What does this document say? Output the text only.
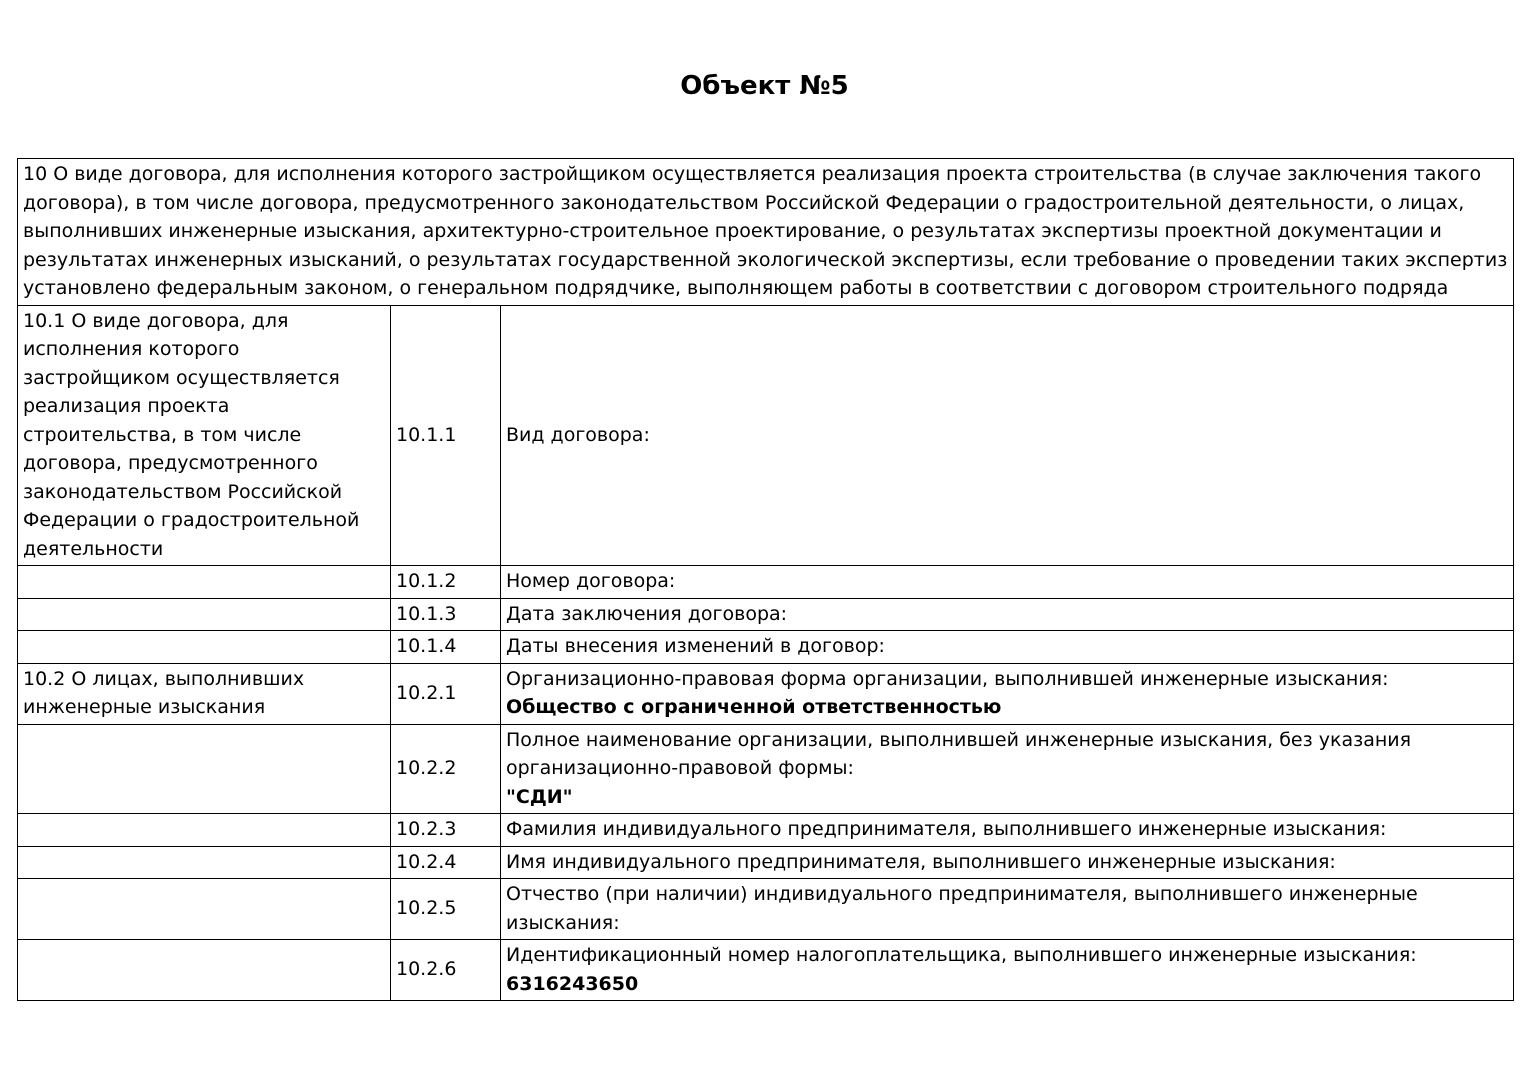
Объект №5
10 О виде договора, для исполнения которого застройщиком осуществляется реализация проекта строительства (в случае заключения такого договора), в том числе договора, предусмотренного законодательством Российской Федерации о градостроительной деятельности, о лицах, выполнивших инженерные изыскания, архитектурно-строительное проектирование, о результатах экспертизы проектной документации и результатах инженерных изысканий, о результатах государственной экологической экспертизы, если требование о проведении таких экспертиз установлено федеральным законом, о генеральном подрядчике, выполняющем работы в соответствии с договором строительного подряда		
10.1 О виде договора, для исполнения которого застройщиком осуществляется реализация проекта строительства, в том числе договора, предусмотренного законодательством Российской Федерации о градостроительной деятельности	10.1.1	Вид договора:

	10.1.2	Номер договора:

	10.1.3	Дата заключения договора:

	10.1.4	Даты внесения изменений в договор:

10.2 О лицах, выполнивших инженерные изыскания	10.2.1	Организационно-правовая форма организации, выполнившей инженерные изыскания:
Общество с ограниченной ответственностью

	10.2.2	Полное наименование организации, выполнившей инженерные изыскания, без указания организационно-правовой формы:
"СДИ"

	10.2.3	Фамилия индивидуального предпринимателя, выполнившего инженерные изыскания:

	10.2.4	Имя индивидуального предпринимателя, выполнившего инженерные изыскания:

	10.2.5	Отчество (при наличии) индивидуального предпринимателя, выполнившего инженерные изыскания:

	10.2.6	Идентификационный номер налогоплательщика, выполнившего инженерные изыскания:
6316243650
